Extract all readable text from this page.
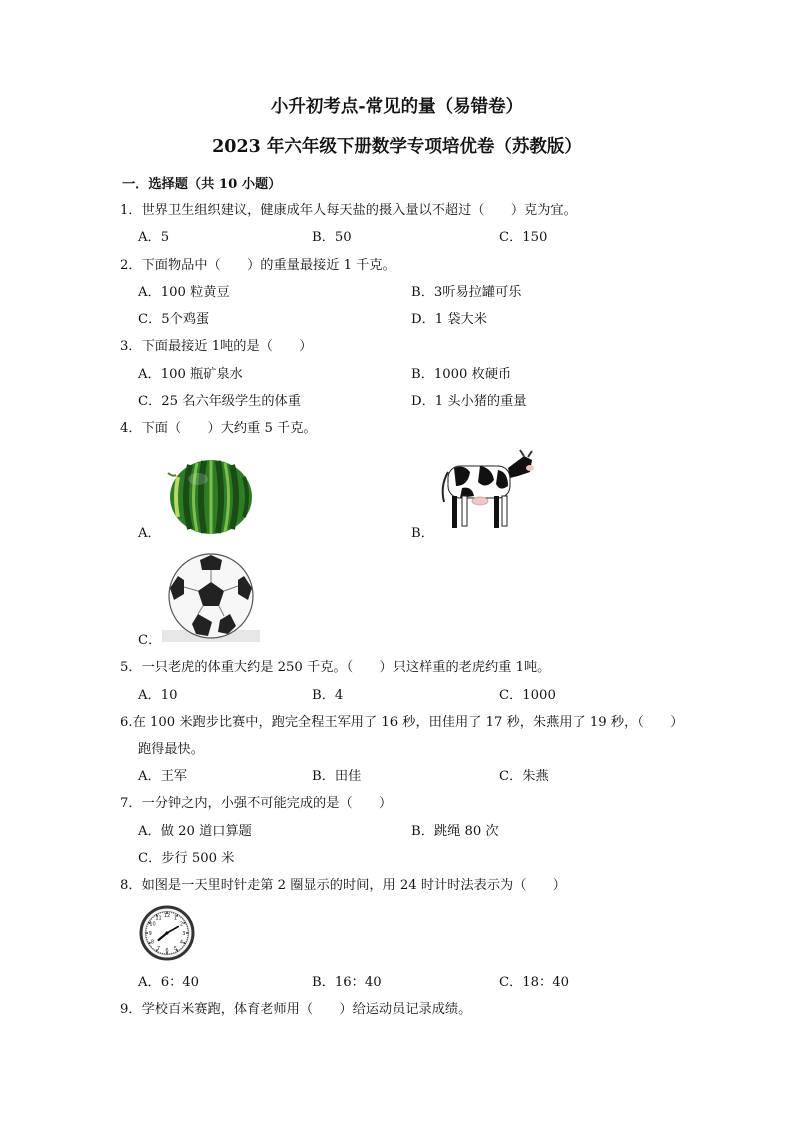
小升初考点-常见的量（易错卷）
2023 年六年级下册数学专项培优卷（苏教版）
一．选择题（共 10 小题）
1．世界卫生组织建议，健康成年人每天盐的摄入量以不超过（　　）克为宜。
A．5	B．50	C．150
2．下面物品中（　　）的重量最接近 1 千克。
A．100 粒黄豆	B．3听易拉罐可乐
C．5个鸡蛋	D．1 袋大米
3．下面最接近 1吨的是（　　）
A．100 瓶矿泉水	B．1000 枚硬币
C．25 名六年级学生的体重	D．1 头小猪的重量
4．下面（　　）大约重 5 千克。
A．	B．
C．
5．一只老虎的体重大约是 250 千克。（　　）只这样重的老虎约重 1吨。
A．10	B．4	C．1000
6.在 100 米跑步比赛中，跑完全程王军用了 16 秒，田佳用了 17 秒，朱燕用了 19 秒，（　　）
跑得最快。
A．王军	B．田佳	C．朱燕
7．一分钟之内，小强不可能完成的是（　　）
A．做 20 道口算题	B．跳绳 80 次
C．步行 500 米
8．如图是一天里时针走第 2 圈显示的时间，用 24 时计时法表示为（　　）
12 1
2
3
4
5
6
7
8
9
10
11
A．6：40	B．16：40	C．18：40
9．学校百米赛跑，体育老师用（　　）给运动员记录成绩。
